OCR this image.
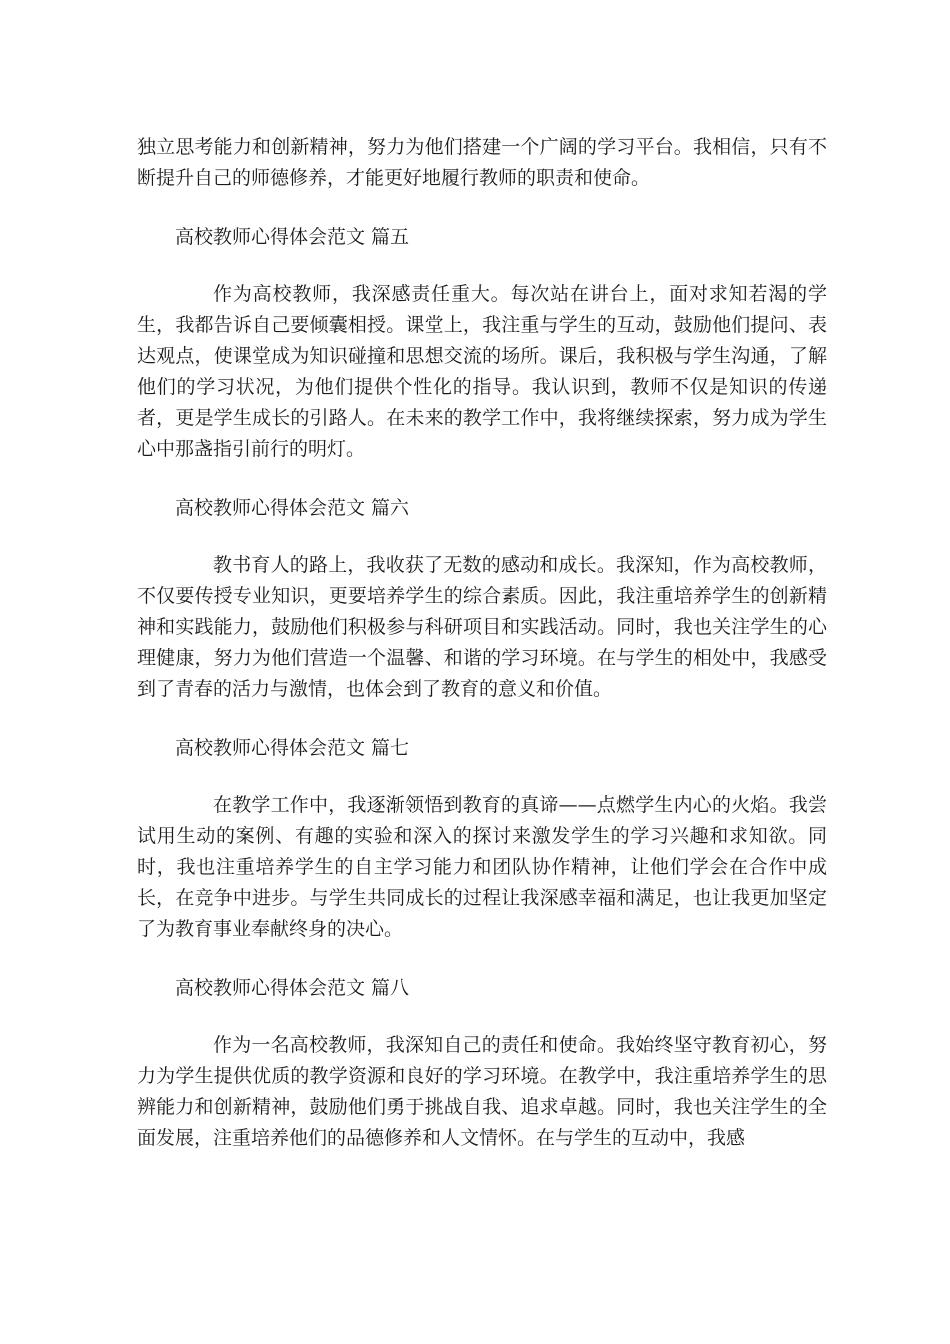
独立思考能力和创新精神，努力为他们搭建一个广阔的学习平台。我相信，只有不断提升自己的师德修养，才能更好地履行教师的职责和使命。

高校教师心得体会范文 篇五

作为高校教师，我深感责任重大。每次站在讲台上，面对求知若渴的学生，我都告诉自己要倾囊相授。课堂上，我注重与学生的互动，鼓励他们提问、表达观点，使课堂成为知识碰撞和思想交流的场所。课后，我积极与学生沟通，了解他们的学习状况，为他们提供个性化的指导。我认识到，教师不仅是知识的传递者，更是学生成长的引路人。在未来的教学工作中，我将继续探索，努力成为学生心中那盏指引前行的明灯。

高校教师心得体会范文 篇六

教书育人的路上，我收获了无数的感动和成长。我深知，作为高校教师，不仅要传授专业知识，更要培养学生的综合素质。因此，我注重培养学生的创新精神和实践能力，鼓励他们积极参与科研项目和实践活动。同时，我也关注学生的心理健康，努力为他们营造一个温馨、和谐的学习环境。在与学生的相处中，我感受到了青春的活力与激情，也体会到了教育的意义和价值。

高校教师心得体会范文 篇七

在教学工作中，我逐渐领悟到教育的真谛——点燃学生内心的火焰。我尝试用生动的案例、有趣的实验和深入的探讨来激发学生的学习兴趣和求知欲。同时，我也注重培养学生的自主学习能力和团队协作精神，让他们学会在合作中成长，在竞争中进步。与学生共同成长的过程让我深感幸福和满足，也让我更加坚定了为教育事业奉献终身的决心。

高校教师心得体会范文 篇八

作为一名高校教师，我深知自己的责任和使命。我始终坚守教育初心，努力为学生提供优质的教学资源和良好的学习环境。在教学中，我注重培养学生的思辨能力和创新精神，鼓励他们勇于挑战自我、追求卓越。同时，我也关注学生的全面发展，注重培养他们的品德修养和人文情怀。在与学生的互动中，我感
